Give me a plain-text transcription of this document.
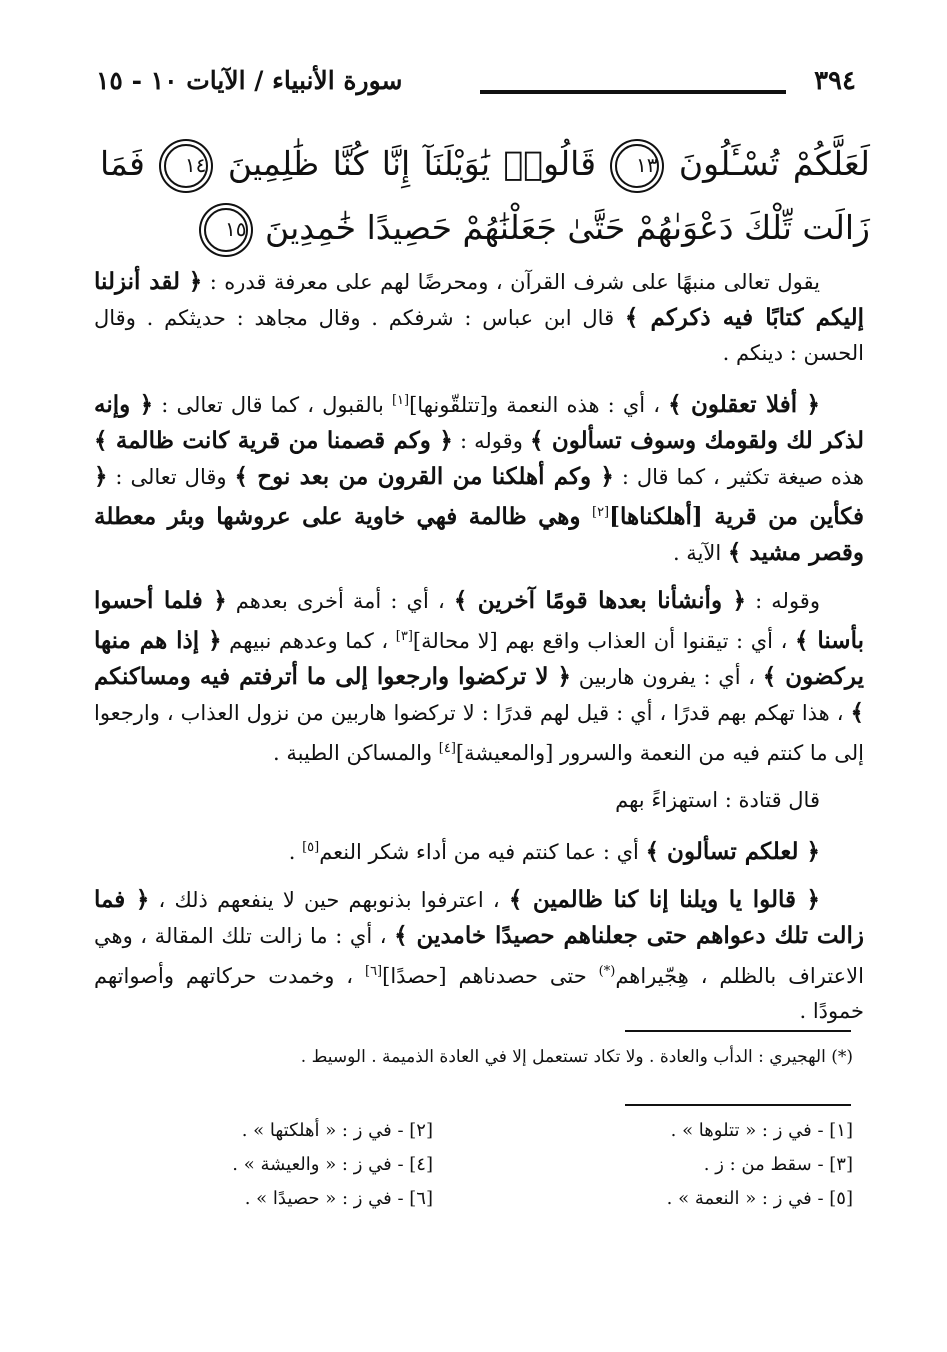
٣٩٤
سورة الأنبياء / الآيات ١٠ - ١٥
لَعَلَّكُمْ تُسْـَٔلُونَ ١٣ قَالُوا۟ يَٰوَيْلَنَآ إِنَّا كُنَّا ظَٰلِمِينَ ١٤ فَمَا زَالَت تِّلْكَ دَعْوَىٰهُمْ حَتَّىٰ جَعَلْنَٰهُمْ حَصِيدًا خَٰمِدِينَ ١٥

يقول تعالى منبهًا على شرف القرآن ، ومحرضًا لهم على معرفة قدره : ﴿ لقد أنزلنا إليكم كتابًا فيه ذكركم ﴾ قال ابن عباس : شرفكم . وقال مجاهد : حديثكم . وقال الحسن : دينكم .

﴿ أفلا تعقلون ﴾ ، أي : هذه النعمة و[تتلقّونها][١] بالقبول ، كما قال تعالى : ﴿ وإنه لذكر لك ولقومك وسوف تسألون ﴾ وقوله : ﴿ وكم قصمنا من قرية كانت ظالمة ﴾ هذه صيغة تكثير ، كما قال : ﴿ وكم أهلكنا من القرون من بعد نوح ﴾ وقال تعالى : ﴿ فكأين من قرية [أهلكناها][٢] وهي ظالمة فهي خاوية على عروشها وبئر معطلة وقصر مشيد ﴾ الآية .

وقوله : ﴿ وأنشأنا بعدها قومًا آخرين ﴾ ، أي : أمة أخرى بعدهم ﴿ فلما أحسوا بأسنا ﴾ ، أي : تيقنوا أن العذاب واقع بهم [لا محالة][٣] ، كما وعدهم نبيهم ﴿ إذا هم منها يركضون ﴾ ، أي : يفرون هاربين ﴿ لا تركضوا وارجعوا إلى ما أترفتم فيه ومساكنكم ﴾ ، هذا تهكم بهم قدرًا ، أي : قيل لهم قدرًا : لا تركضوا هاربين من نزول العذاب ، وارجعوا إلى ما كنتم فيه من النعمة والسرور [والمعيشة][٤] والمساكن الطيبة .

قال قتادة : استهزاءً بهم

﴿ لعلكم تسألون ﴾ أي : عما كنتم فيه من أداء شكر النعم[٥] .

﴿ قالوا يا ويلنا إنا كنا ظالمين ﴾ ، اعترفوا بذنوبهم حين لا ينفعهم ذلك ، ﴿ فما زالت تلك دعواهم حتى جعلناهم حصيدًا خامدين ﴾ ، أي : ما زالت تلك المقالة ، وهي الاعتراف بالظلم ، هِجّيراهم(*) حتى حصدناهم [حصدًا][٦] ، وخمدت حركاتهم وأصواتهم خمودًا .

(*) الهجيري : الدأب والعادة . ولا تكاد تستعمل إلا في العادة الذميمة . الوسيط .
[١] - في ز : « تتلوها » .
[٢] - في ز : « أهلكتها » .
[٣] - سقط من : ز .
[٤] - في ز : « والعيشة » .
[٥] - في ز : « النعمة » .
[٦] - في ز : « حصيدًا » .
